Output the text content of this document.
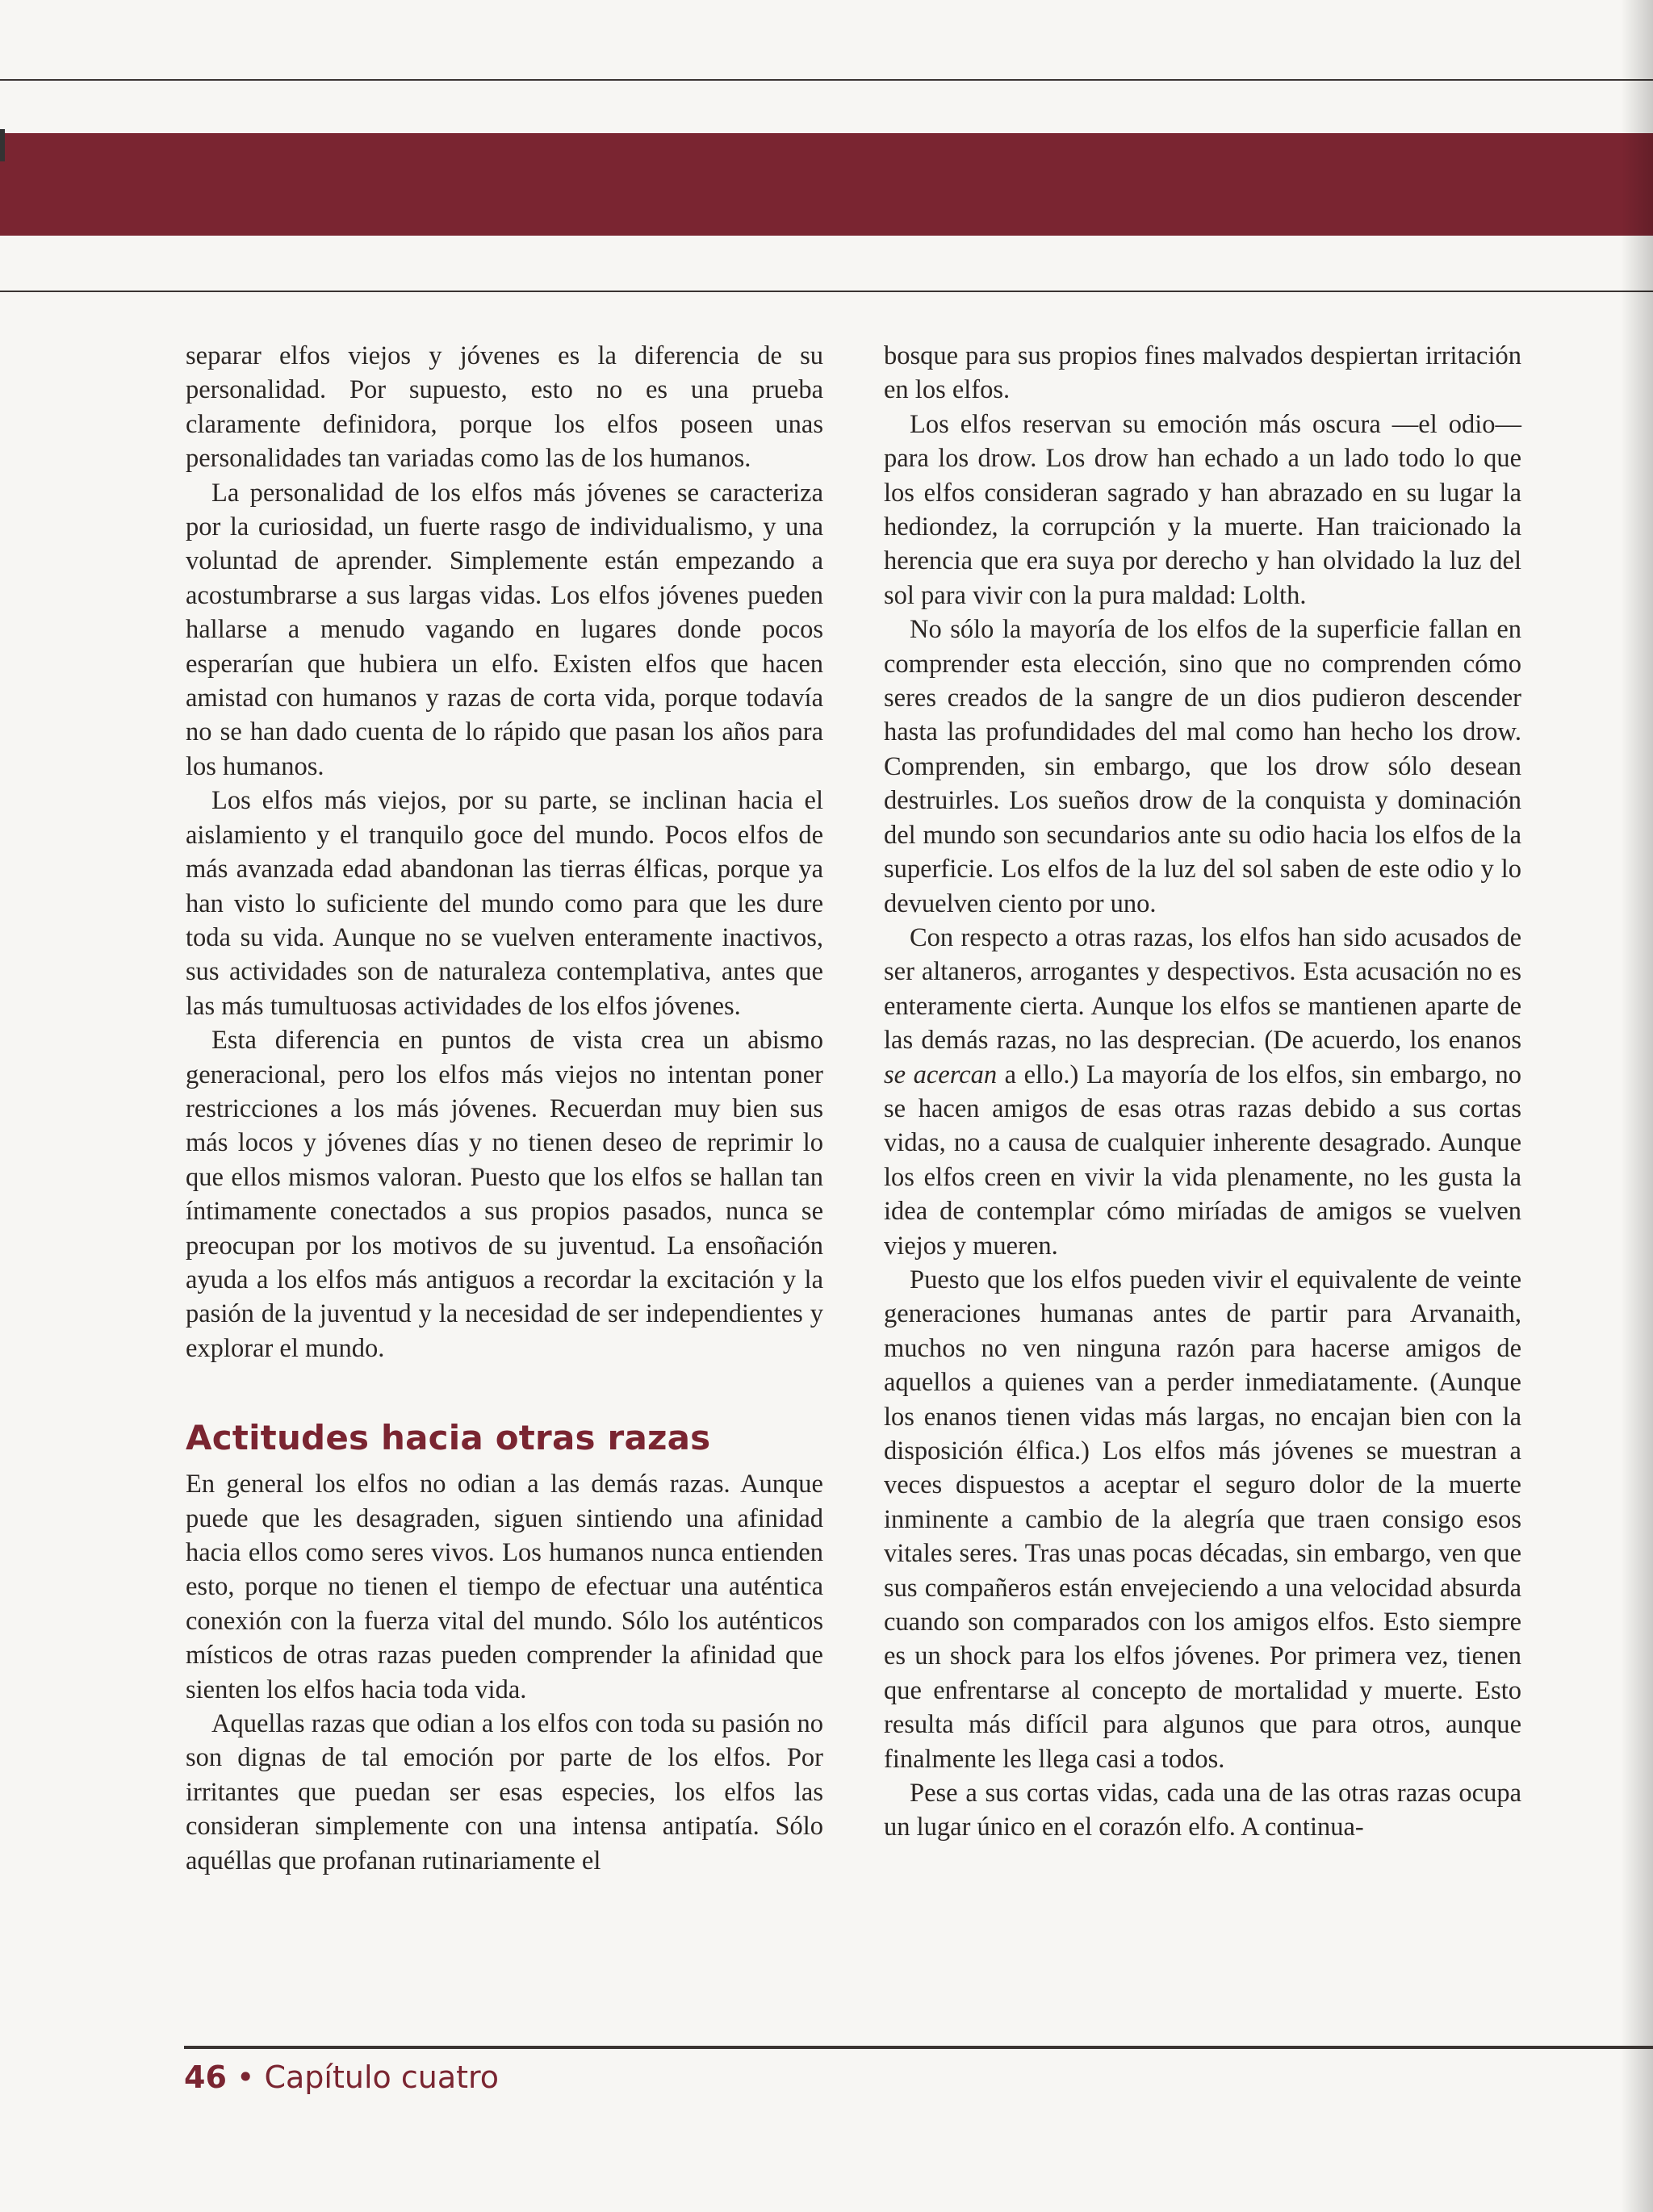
separar elfos viejos y jóvenes es la diferencia de su personalidad. Por supuesto, esto no es una prueba claramente definidora, porque los elfos poseen unas personalidades tan variadas como las de los humanos.

La personalidad de los elfos más jóvenes se caracteriza por la curiosidad, un fuerte rasgo de individualismo, y una voluntad de aprender. Simplemente están empezando a acostumbrarse a sus largas vidas. Los elfos jóvenes pueden hallarse a menudo vagando en lugares donde pocos esperarían que hubiera un elfo. Existen elfos que hacen amistad con humanos y razas de corta vida, porque todavía no se han dado cuenta de lo rápido que pasan los años para los humanos.

Los elfos más viejos, por su parte, se inclinan hacia el aislamiento y el tranquilo goce del mundo. Pocos elfos de más avanzada edad abandonan las tierras élficas, porque ya han visto lo suficiente del mundo como para que les dure toda su vida. Aunque no se vuelven enteramente inactivos, sus actividades son de naturaleza contemplativa, antes que las más tumultuosas actividades de los elfos jóvenes.

Esta diferencia en puntos de vista crea un abismo generacional, pero los elfos más viejos no intentan poner restricciones a los más jóvenes. Recuerdan muy bien sus más locos y jóvenes días y no tienen deseo de reprimir lo que ellos mismos valoran. Puesto que los elfos se hallan tan íntimamente conectados a sus propios pasados, nunca se preocupan por los motivos de su juventud. La ensoñación ayuda a los elfos más antiguos a recordar la excitación y la pasión de la juventud y la necesidad de ser independientes y explorar el mundo.

Actitudes hacia otras razas

En general los elfos no odian a las demás razas. Aunque puede que les desagraden, siguen sintiendo una afinidad hacia ellos como seres vivos. Los humanos nunca entienden esto, porque no tienen el tiempo de efectuar una auténtica conexión con la fuerza vital del mundo. Sólo los auténticos místicos de otras razas pueden comprender la afinidad que sienten los elfos hacia toda vida.

Aquellas razas que odian a los elfos con toda su pasión no son dignas de tal emoción por parte de los elfos. Por irritantes que puedan ser esas especies, los elfos las consideran simplemente con una intensa antipatía. Sólo aquéllas que profanan rutinariamente el

bosque para sus propios fines malvados despiertan irritación en los elfos.

Los elfos reservan su emoción más oscura —el odio— para los drow. Los drow han echado a un lado todo lo que los elfos consideran sagrado y han abrazado en su lugar la hediondez, la corrupción y la muerte. Han traicionado la herencia que era suya por derecho y han olvidado la luz del sol para vivir con la pura maldad: Lolth.

No sólo la mayoría de los elfos de la superficie fallan en comprender esta elección, sino que no comprenden cómo seres creados de la sangre de un dios pudieron descender hasta las profundidades del mal como han hecho los drow. Comprenden, sin embargo, que los drow sólo desean destruirles. Los sueños drow de la conquista y dominación del mundo son secundarios ante su odio hacia los elfos de la superficie. Los elfos de la luz del sol saben de este odio y lo devuelven ciento por uno.

Con respecto a otras razas, los elfos han sido acusados de ser altaneros, arrogantes y despectivos. Esta acusación no es enteramente cierta. Aunque los elfos se mantienen aparte de las demás razas, no las desprecian. (De acuerdo, los enanos se acercan a ello.) La mayoría de los elfos, sin embargo, no se hacen amigos de esas otras razas debido a sus cortas vidas, no a causa de cualquier inherente desagrado. Aunque los elfos creen en vivir la vida plenamente, no les gusta la idea de contemplar cómo miríadas de amigos se vuelven viejos y mueren.

Puesto que los elfos pueden vivir el equivalente de veinte generaciones humanas antes de partir para Arvanaith, muchos no ven ninguna razón para hacerse amigos de aquellos a quienes van a perder inmediatamente. (Aunque los enanos tienen vidas más largas, no encajan bien con la disposición élfica.) Los elfos más jóvenes se muestran a veces dispuestos a aceptar el seguro dolor de la muerte inminente a cambio de la alegría que traen consigo esos vitales seres. Tras unas pocas décadas, sin embargo, ven que sus compañeros están envejeciendo a una velocidad absurda cuando son comparados con los amigos elfos. Esto siempre es un shock para los elfos jóvenes. Por primera vez, tienen que enfrentarse al concepto de mortalidad y muerte. Esto resulta más difícil para algunos que para otros, aunque finalmente les llega casi a todos.

Pese a sus cortas vidas, cada una de las otras razas ocupa un lugar único en el corazón elfo. A continua-

46 • Capítulo cuatro
